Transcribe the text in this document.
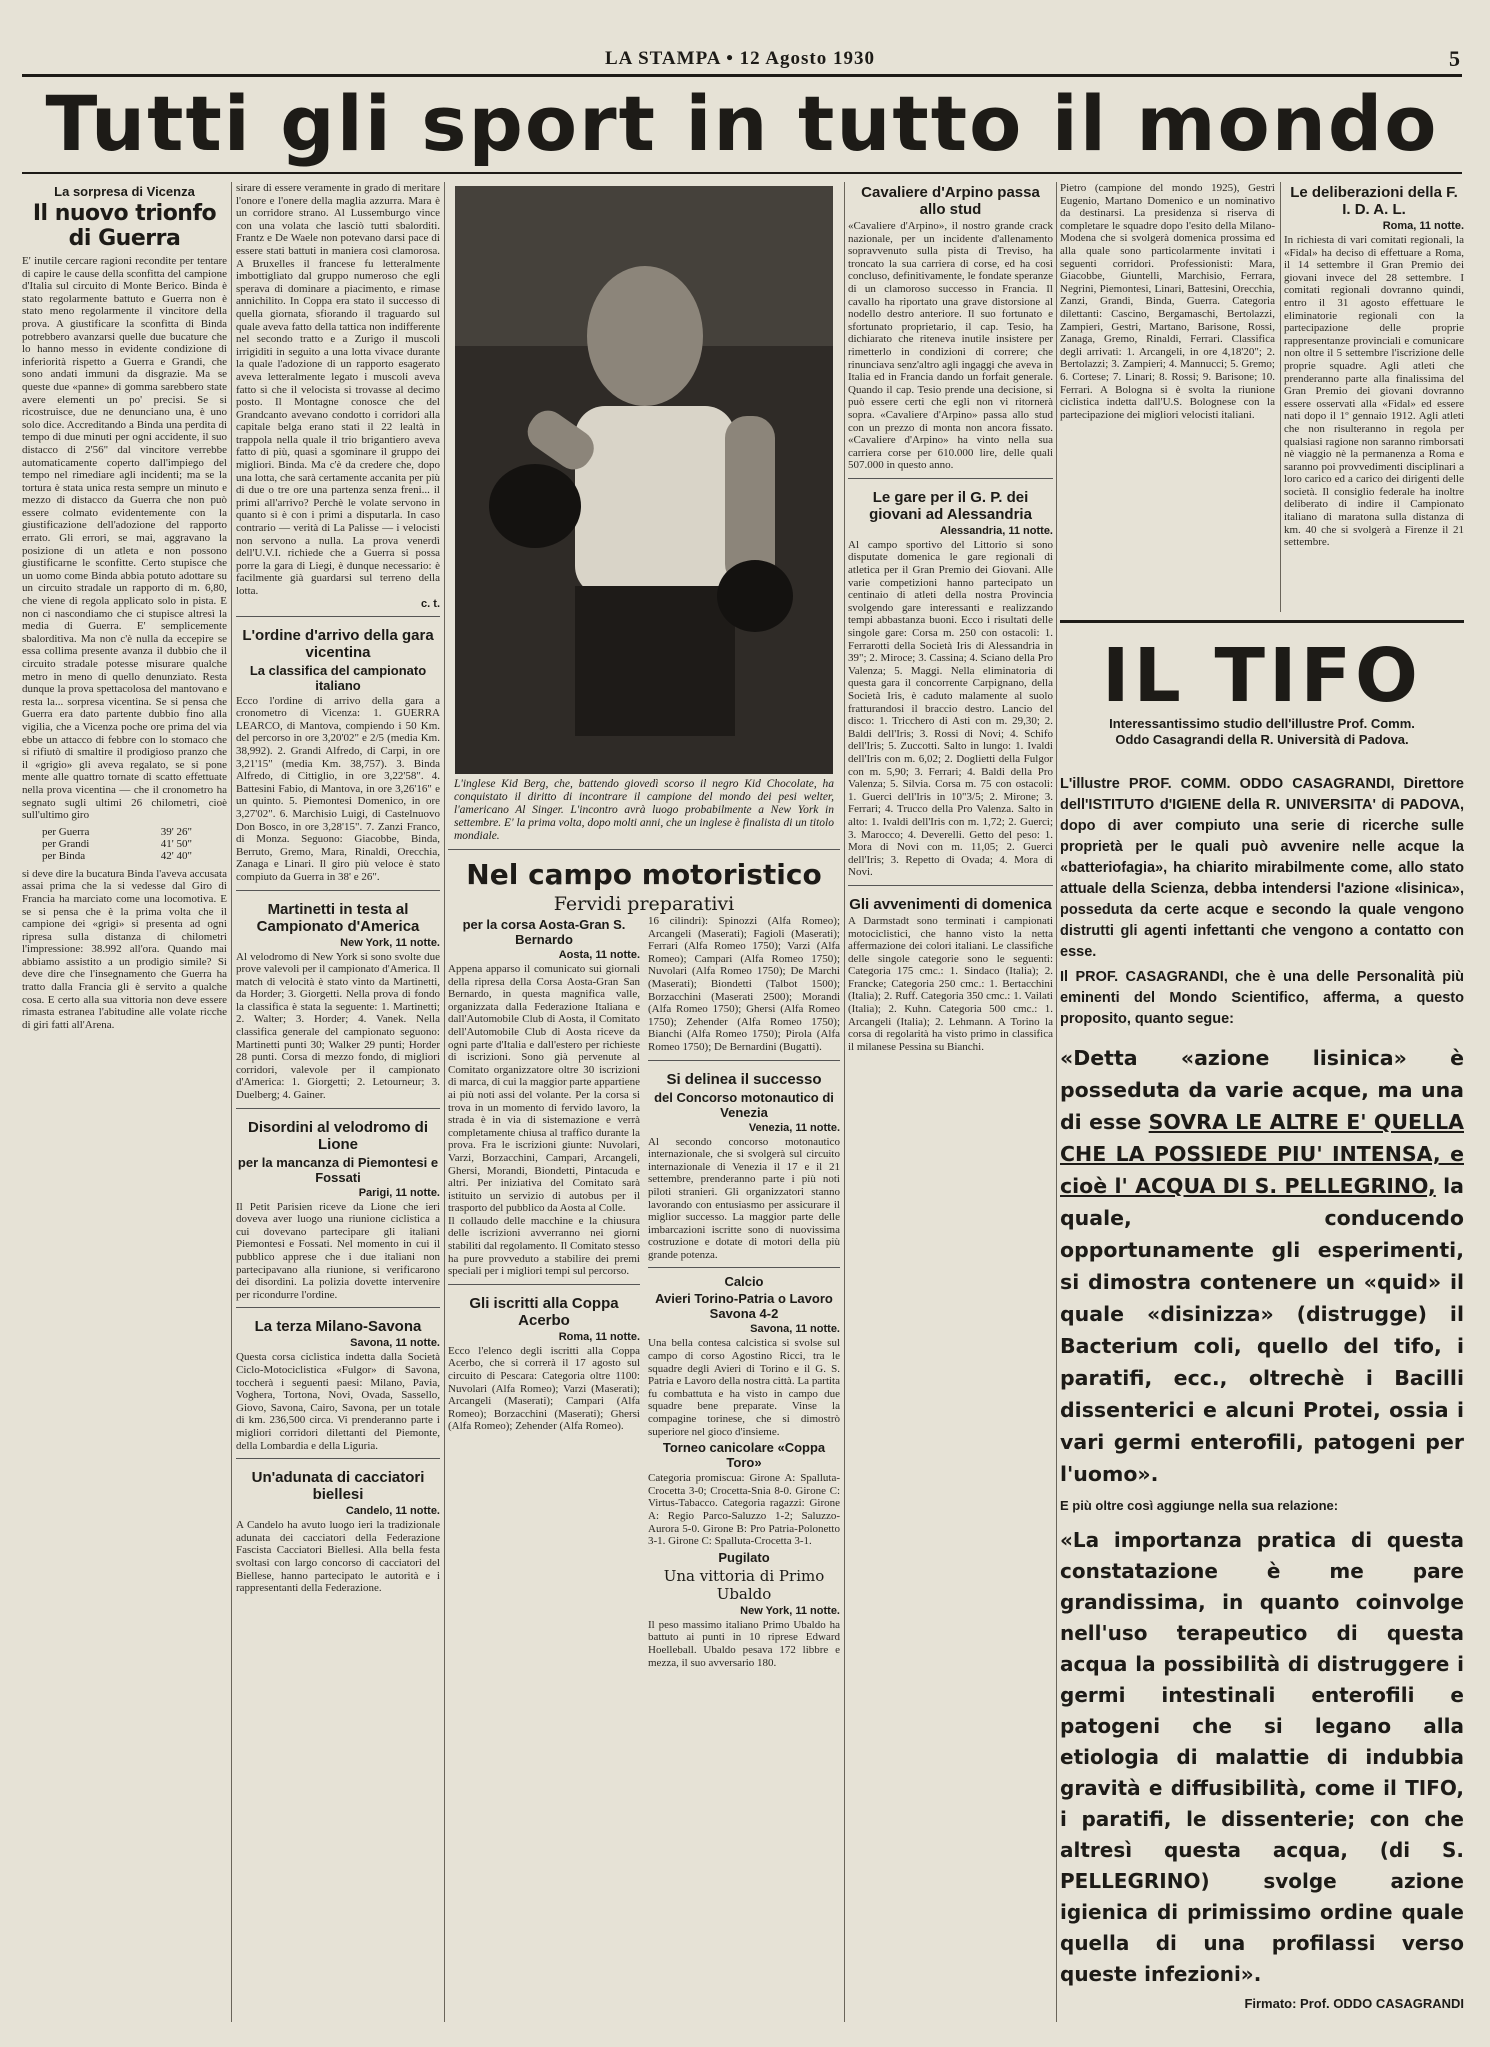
LA STAMPA • 12 Agosto 1930	5
Tutti gli sport in tutto il mondo
La sorpresa di Vicenza
Il nuovo trionfo di Guerra

E' inutile cercare ragioni recondite per tentare di capire le cause della sconfitta del campione d'Italia sul circuito di Monte Berico. Binda è stato regolarmente battuto e Guerra non è stato meno regolarmente il vincitore della prova. A giustificare la sconfitta di Binda potrebbero avanzarsi quelle due bucature che lo hanno messo in evidente condizione di inferiorità rispetto a Guerra e Grandi, che sono andati immuni da disgrazie. Ma se queste due «panne» di gomma sarebbero state avere elementi un po' precisi. Se si ricostruisce, due ne denunciano una, è uno solo dice. Accreditando a Binda una perdita di tempo di due minuti per ogni accidente, il suo distacco di 2'56" dal vincitore verrebbe automaticamente coperto dall'impiego del tempo nel rimediare agli incidenti; ma se la tortura è stata unica resta sempre un minuto e mezzo di distacco da Guerra che non può essere colmato evidentemente con la giustificazione dell'adozione del rapporto errato. Gli errori, se mai, aggravano la posizione di un atleta e non possono giustificarne le sconfitte. Certo stupisce che un uomo come Binda abbia potuto adottare su un circuito stradale un rapporto di m. 6,80, che viene di regola applicato solo in pista. E non ci nascondiamo che ci stupisce altresì la media di Guerra. E' semplicemente sbalorditiva. Ma non c'è nulla da eccepire se essa collima presente avanza il dubbio che il circuito stradale potesse misurare qualche metro in meno di quello denunziato. Resta dunque la prova spettacolosa del mantovano e resta la... sorpresa vicentina. Se si pensa che Guerra era dato partente dubbio fino alla vigilia, che a Vicenza poche ore prima del via ebbe un attacco di febbre con lo stomaco che si rifiutò di smaltire il prodigioso pranzo che il «grigio» gli aveva regalato, se si pone mente alle quattro tornate di scatto effettuate nella prova vicentina — che il cronometro ha segnato sugli ultimi 26 chilometri, cioè sull'ultimo giro

per Guerra	39' 26"
per Grandi	41' 50"
per Binda	42' 40"

si deve dire la bucatura Binda l'aveva accusata assai prima che la si vedesse dal Giro di Francia ha marciato come una locomotiva. E se si pensa che è la prima volta che il campione dei «grigi» si presenta ad ogni ripresa sulla distanza di chilometri l'impressione: 38.992 all'ora. Quando mai abbiamo assistito a un prodigio simile? Si deve dire che l'insegnamento che Guerra ha tratto dalla Francia gli è servito a qualche cosa. E certo alla sua vittoria non deve essere rimasta estranea l'abitudine alle volate ricche di giri fatti all'Arena.

sirare di essere veramente in grado di meritare l'onore e l'onere della maglia azzurra. Mara è un corridore strano. Al Lussemburgo vince con una volata che lasciò tutti sbalorditi. Frantz e De Waele non potevano darsi pace di essere stati battuti in maniera così clamorosa. A Bruxelles il francese fu letteralmente imbottigliato dal gruppo numeroso che egli sperava di dominare a piacimento, e rimase annichilito. In Coppa era stato il successo di quella giornata, sfiorando il traguardo sul quale aveva fatto della tattica non indifferente nel secondo tratto e a Zurigo il muscoli irrigiditi in seguito a una lotta vivace durante la quale l'adozione di un rapporto esagerato aveva letteralmente legato i muscoli aveva fatto sì che il velocista si trovasse al decimo posto. Il Montagne conosce che del Grandcanto avevano condotto i corridori alla capitale belga erano stati il 22 lealtà in trappola nella quale il trio brigantiero aveva fatto di più, quasi a sgominare il gruppo dei migliori. Binda. Ma c'è da credere che, dopo una lotta, che sarà certamente accanita per più di due o tre ore una partenza senza freni... il primi all'arrivo? Perchè le volate servono in quanto si è con i primi a disputarla. In caso contrario — verità di La Palisse — i velocisti non servono a nulla. La prova venerdì dell'U.V.I. richiede che a Guerra si possa porre la gara di Liegi, è dunque necessario: è facilmente già guardarsi sul terreno della lotta.

c. t.
L'ordine d'arrivo della gara vicentina
La classifica del campionato italiano

Ecco l'ordine di arrivo della gara a cronometro di Vicenza: 1. GUERRA LEARCO, di Mantova, compiendo i 50 Km. del percorso in ore 3,20'02" e 2/5 (media Km. 38,992). 2. Grandi Alfredo, di Carpi, in ore 3,21'15" (media Km. 38,757). 3. Binda Alfredo, di Cittiglio, in ore 3,22'58". 4. Battesini Fabio, di Mantova, in ore 3,26'16" e un quinto. 5. Piemontesi Domenico, in ore 3,27'02". 6. Marchisio Luigi, di Castelnuovo Don Bosco, in ore 3,28'15". 7. Zanzi Franco, di Monza. Seguono: Giacobbe, Binda, Berruto, Gremo, Mara, Rinaldi, Orecchia, Zanaga e Linari. Il giro più veloce è stato compiuto da Guerra in 38' e 26".

Martinetti in testa al Campionato d'America
New York, 11 notte.

Al velodromo di New York si sono svolte due prove valevoli per il campionato d'America. Il match di velocità è stato vinto da Martinetti, da Horder; 3. Giorgetti. Nella prova di fondo la classifica è stata la seguente: 1. Martinetti; 2. Walter; 3. Horder; 4. Vanek. Nella classifica generale del campionato seguono: Martinetti punti 30; Walker 29 punti; Horder 28 punti. Corsa di mezzo fondo, di migliori corridori, valevole per il campionato d'America: 1. Giorgetti; 2. Letourneur; 3. Duelberg; 4. Gainer.

Disordini al velodromo di Lione
per la mancanza di Piemontesi e Fossati
Parigi, 11 notte.

Il Petit Parisien riceve da Lione che ieri doveva aver luogo una riunione ciclistica a cui dovevano partecipare gli italiani Piemontesi e Fossati. Nel momento in cui il pubblico apprese che i due italiani non partecipavano alla riunione, si verificarono dei disordini. La polizia dovette intervenire per ricondurre l'ordine.

La terza Milano-Savona
Savona, 11 notte.

Questa corsa ciclistica indetta dalla Società Ciclo-Motociclistica «Fulgor» di Savona, toccherà i seguenti paesi: Milano, Pavia, Voghera, Tortona, Novi, Ovada, Sassello, Giovo, Savona, Cairo, Savona, per un totale di km. 236,500 circa. Vi prenderanno parte i migliori corridori dilettanti del Piemonte, della Lombardia e della Liguria.

Un'adunata di cacciatori biellesi
Candelo, 11 notte.

A Candelo ha avuto luogo ieri la tradizionale adunata dei cacciatori della Federazione Fascista Cacciatori Biellesi. Alla bella festa svoltasi con largo concorso di cacciatori del Biellese, hanno partecipato le autorità e i rappresentanti della Federazione.

L'inglese Kid Berg, che, battendo giovedì scorso il negro Kid Chocolate, ha conquistato il diritto di incontrare il campione del mondo dei pesi welter, l'americano Al Singer. L'incontro avrà luogo probabilmente a New York in settembre. E' la prima volta, dopo molti anni, che un inglese è finalista di un titolo mondiale.
Nel campo motoristico
Fervidi preparativi
per la corsa Aosta-Gran S. Bernardo
Aosta, 11 notte.

Appena apparso il comunicato sui giornali della ripresa della Corsa Aosta-Gran San Bernardo, in questa magnifica valle, organizzata dalla Federazione Italiana e dall'Automobile Club di Aosta, il Comitato dell'Automobile Club di Aosta riceve da ogni parte d'Italia e dall'estero per richieste di iscrizioni. Sono già pervenute al Comitato organizzatore oltre 30 iscrizioni di marca, di cui la maggior parte appartiene ai più noti assi del volante. Per la corsa si trova in un momento di fervido lavoro, la strada è in via di sistemazione e verrà completamente chiusa al traffico durante la prova. Fra le iscrizioni giunte: Nuvolari, Varzi, Borzacchini, Campari, Arcangeli, Ghersi, Morandi, Biondetti, Pintacuda e altri. Per iniziativa del Comitato sarà istituito un servizio di autobus per il trasporto del pubblico da Aosta al Colle.

Il collaudo delle macchine e la chiusura delle iscrizioni avverranno nei giorni stabiliti dal regolamento. Il Comitato stesso ha pure provveduto a stabilire dei premi speciali per i migliori tempi sul percorso.

Gli iscritti alla Coppa Acerbo
Roma, 11 notte.

Ecco l'elenco degli iscritti alla Coppa Acerbo, che si correrà il 17 agosto sul circuito di Pescara: Categoria oltre 1100: Nuvolari (Alfa Romeo); Varzi (Maserati); Arcangeli (Maserati); Campari (Alfa Romeo); Borzacchini (Maserati); Ghersi (Alfa Romeo); Zehender (Alfa Romeo).

16 cilindri): Spinozzi (Alfa Romeo); Arcangeli (Maserati); Fagioli (Maserati); Ferrari (Alfa Romeo 1750); Varzi (Alfa Romeo); Campari (Alfa Romeo 1750); Nuvolari (Alfa Romeo 1750); De Marchi (Maserati); Biondetti (Talbot 1500); Borzacchini (Maserati 2500); Morandi (Alfa Romeo 1750); Ghersi (Alfa Romeo 1750); Zehender (Alfa Romeo 1750); Bianchi (Alfa Romeo 1750); Pirola (Alfa Romeo 1750); De Bernardini (Bugatti).

Si delinea il successo
del Concorso motonautico di Venezia
Venezia, 11 notte.

Al secondo concorso motonautico internazionale, che si svolgerà sul circuito internazionale di Venezia il 17 e il 21 settembre, prenderanno parte i più noti piloti stranieri. Gli organizzatori stanno lavorando con entusiasmo per assicurare il miglior successo. La maggior parte delle imbarcazioni iscritte sono di nuovissima costruzione e dotate di motori della più grande potenza.

Calcio
Avieri Torino-Patria o Lavoro Savona 4-2
Savona, 11 notte.

Una bella contesa calcistica si svolse sul campo di corso Agostino Ricci, tra le squadre degli Avieri di Torino e il G. S. Patria e Lavoro della nostra città. La partita fu combattuta e ha visto in campo due squadre bene preparate. Vinse la compagine torinese, che si dimostrò superiore nel gioco d'insieme.

Torneo canicolare «Coppa Toro»

Categoria promiscua: Girone A: Spalluta-Crocetta 3-0; Crocetta-Snia 8-0. Girone C: Virtus-Tabacco. Categoria ragazzi: Girone A: Regio Parco-Saluzzo 1-2; Saluzzo-Aurora 5-0. Girone B: Pro Patria-Polonetto 3-1. Girone C: Spalluta-Crocetta 3-1.

Pugilato
Una vittoria di Primo Ubaldo
New York, 11 notte.

Il peso massimo italiano Primo Ubaldo ha battuto ai punti in 10 riprese Edward Hoelleball. Ubaldo pesava 172 libbre e mezza, il suo avversario 180.

Cavaliere d'Arpino passa allo stud

«Cavaliere d'Arpino», il nostro grande crack nazionale, per un incidente d'allenamento sopravvenuto sulla pista di Treviso, ha troncato la sua carriera di corse, ed ha così concluso, definitivamente, le fondate speranze di un clamoroso successo in Francia. Il cavallo ha riportato una grave distorsione al nodello destro anteriore. Il suo fortunato e sfortunato proprietario, il cap. Tesio, ha dichiarato che riteneva inutile insistere per rimetterlo in condizioni di correre; che rinunciava senz'altro agli ingaggi che aveva in Italia ed in Francia dando un forfait generale. Quando il cap. Tesio prende una decisione, si può essere certi che egli non vi ritornerà sopra. «Cavaliere d'Arpino» passa allo stud con un prezzo di monta non ancora fissato. «Cavaliere d'Arpino» ha vinto nella sua carriera corse per 610.000 lire, delle quali 507.000 in questo anno.

Le gare per il G. P. dei giovani ad Alessandria
Alessandria, 11 notte.

Al campo sportivo del Littorio si sono disputate domenica le gare regionali di atletica per il Gran Premio dei Giovani. Alle varie competizioni hanno partecipato un centinaio di atleti della nostra Provincia svolgendo gare interessanti e realizzando tempi abbastanza buoni. Ecco i risultati delle singole gare: Corsa m. 250 con ostacoli: 1. Ferrarotti della Società Iris di Alessandria in 39"; 2. Miroce; 3. Cassina; 4. Sciano della Pro Valenza; 5. Maggi. Nella eliminatoria di questa gara il concorrente Carpignano, della Società Iris, è caduto malamente al suolo fratturandosi il braccio destro. Lancio del disco: 1. Tricchero di Asti con m. 29,30; 2. Baldi dell'Iris; 3. Rossi di Novi; 4. Schifo dell'Iris; 5. Zuccotti. Salto in lungo: 1. Ivaldi dell'Iris con m. 6,02; 2. Doglietti della Fulgor con m. 5,90; 3. Ferrari; 4. Baldi della Pro Valenza; 5. Silvia. Corsa m. 75 con ostacoli: 1. Guerci dell'Iris in 10"3/5; 2. Mirone; 3. Ferrari; 4. Trucco della Pro Valenza. Salto in alto: 1. Ivaldi dell'Iris con m. 1,72; 2. Guerci; 3. Marocco; 4. Deverelli. Getto del peso: 1. Mora di Novi con m. 11,05; 2. Guerci dell'Iris; 3. Repetto di Ovada; 4. Mora di Novi.

Gli avvenimenti di domenica

A Darmstadt sono terminati i campionati motociclistici, che hanno visto la netta affermazione dei colori italiani. Le classifiche delle singole categorie sono le seguenti: Categoria 175 cmc.: 1. Sindaco (Italia); 2. Francke; Categoria 250 cmc.: 1. Bertacchini (Italia); 2. Ruff. Categoria 350 cmc.: 1. Vailati (Italia); 2. Kuhn. Categoria 500 cmc.: 1. Arcangeli (Italia); 2. Lehmann. A Torino la corsa di regolarità ha visto primo in classifica il milanese Pessina su Bianchi.

Pietro (campione del mondo 1925), Gestri Eugenio, Martano Domenico e un nominativo da destinarsi. La presidenza si riserva di completare le squadre dopo l'esito della Milano-Modena che si svolgerà domenica prossima ed alla quale sono particolarmente invitati i seguenti corridori. Professionisti: Mara, Giacobbe, Giuntelli, Marchisio, Ferrara, Negrini, Piemontesi, Linari, Battesini, Orecchia, Zanzi, Grandi, Binda, Guerra. Categoria dilettanti: Cascino, Bergamaschi, Bertolazzi, Zampieri, Gestri, Martano, Barisone, Rossi, Zanaga, Gremo, Rinaldi, Ferrari. Classifica degli arrivati: 1. Arcangeli, in ore 4,18'20"; 2. Bertolazzi; 3. Zampieri; 4. Mannucci; 5. Gremo; 6. Cortese; 7. Linari; 8. Rossi; 9. Barisone; 10. Ferrari. A Bologna si è svolta la riunione ciclistica indetta dall'U.S. Bolognese con la partecipazione dei migliori velocisti italiani.

Le deliberazioni della F. I. D. A. L.
Roma, 11 notte.

In richiesta di vari comitati regionali, la «Fidal» ha deciso di effettuare a Roma, il 14 settembre il Gran Premio dei giovani invece del 28 settembre. I comitati regionali dovranno quindi, entro il 31 agosto effettuare le eliminatorie regionali con la partecipazione delle proprie rappresentanze provinciali e comunicare non oltre il 5 settembre l'iscrizione delle proprie squadre. Agli atleti che prenderanno parte alla finalissima del Gran Premio dei giovani dovranno essere osservati alla «Fidal» ed essere nati dopo il 1º gennaio 1912. Agli atleti che non risulteranno in regola per qualsiasi ragione non saranno rimborsati nè viaggio nè la permanenza a Roma e saranno poi provvedimenti disciplinari a loro carico ed a carico dei dirigenti delle società. Il consiglio federale ha inoltre deliberato di indire il Campionato italiano di maratona sulla distanza di km. 40 che si svolgerà a Firenze il 21 settembre.

IL TIFO
Interessantissimo studio dell'illustre Prof. Comm.
Oddo Casagrandi della R. Università di Padova.
L'illustre PROF. COMM. ODDO CASAGRANDI, Direttore dell'ISTITUTO d'IGIENE della R. UNIVERSITA' di PADOVA, dopo di aver compiuto una serie di ricerche sulle proprietà per le quali può avvenire nelle acque la «batteriofagia», ha chiarito mirabilmente come, allo stato attuale della Scienza, debba intendersi l'azione «lisinica», posseduta da certe acque e secondo la quale vengono distrutti gli agenti infettanti che vengono a contatto con esse.
Il PROF. CASAGRANDI, che è una delle Personalità più eminenti del Mondo Scientifico, afferma, a questo proposito, quanto segue:
«Detta «azione lisinica» è posseduta da varie acque, ma una di esse SOVRA LE ALTRE E' QUELLA CHE LA POSSIEDE PIU' INTENSA, e cioè l' ACQUA DI S. PELLEGRINO, la quale, conducendo opportunamente gli esperimenti, si dimostra contenere un «quid» il quale «disinizza» (distrugge) il Bacterium coli, quello del tifo, i paratifi, ecc., oltrechè i Bacilli dissenterici e alcuni Protei, ossia i vari germi enterofili, patogeni per l'uomo».
E più oltre così aggiunge nella sua relazione:
«La importanza pratica di questa constatazione è me pare grandissima, in quanto coinvolge nell'uso terapeutico di questa acqua la possibilità di distruggere i germi intestinali enterofili e patogeni che si legano alla etiologia di malattie di indubbia gravità e diffusibilità, come il TIFO, i paratifi, le dissenterie; con che altresì questa acqua, (di S. PELLEGRINO) svolge azione igienica di primissimo ordine quale quella di una profilassi verso queste infezioni».
Firmato: Prof. ODDO CASAGRANDI
